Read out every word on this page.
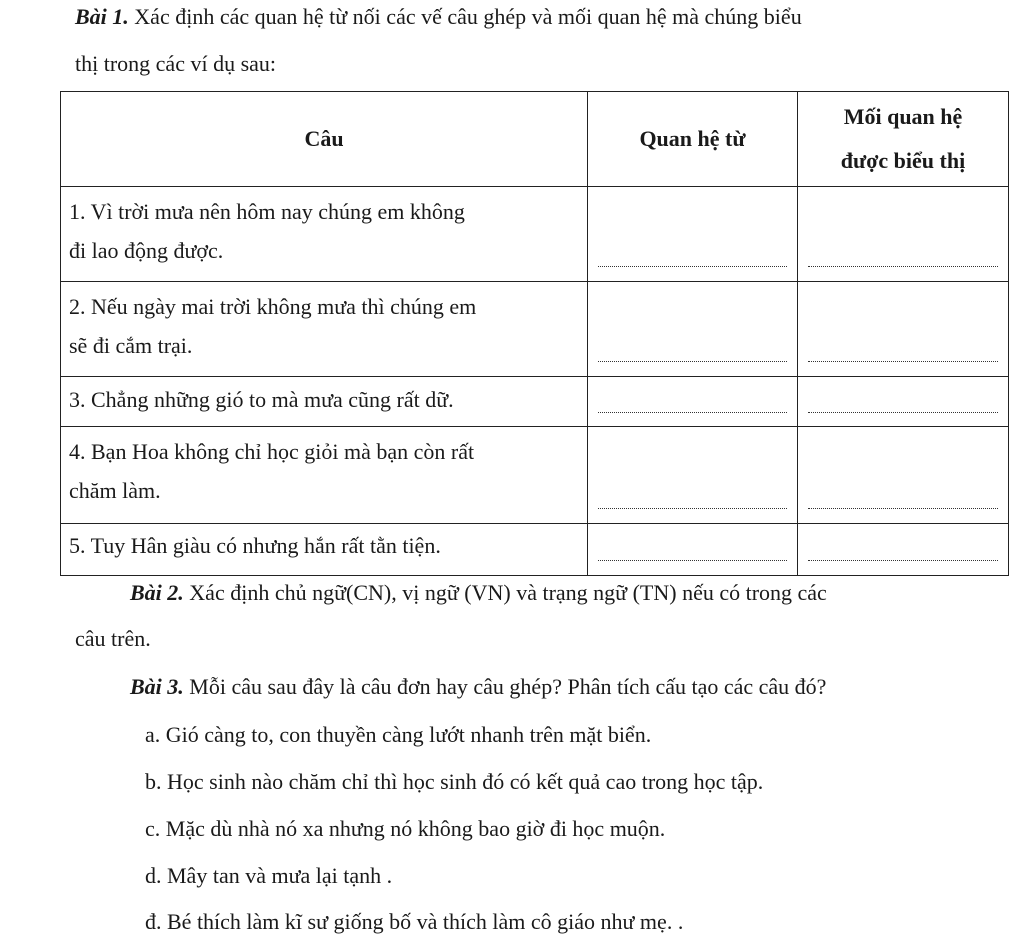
Bài 1. Xác định các quan hệ từ nối các vế câu ghép và mối quan hệ mà chúng biểu
thị trong các ví dụ sau:
Câu	Quan hệ từ	Mối quan hệ
được biểu thị

1. Vì trời mưa nên hôm nay chúng em không
đi lao động được.		

2. Nếu ngày mai trời không mưa thì chúng em
sẽ đi cắm trại.		

3. Chẳng những gió to mà mưa cũng rất dữ.		

4. Bạn Hoa không chỉ học giỏi mà bạn còn rất
chăm làm.		

5. Tuy Hân giàu có nhưng hắn rất tằn tiện.		

Bài 2. Xác định chủ ngữ(CN), vị ngữ (VN) và trạng ngữ (TN) nếu có trong các
câu trên.
Bài 3. Mỗi câu sau đây là câu đơn hay câu ghép? Phân tích cấu tạo các câu đó?
a. Gió càng to, con thuyền càng lướt nhanh trên mặt biển.
b. Học sinh nào chăm chỉ thì học sinh đó có kết quả cao trong học tập.
c. Mặc dù nhà nó xa nhưng nó không bao giờ đi học muộn.
d. Mây tan và mưa lại tạnh .
đ. Bé thích làm kĩ sư giống bố và thích làm cô giáo như mẹ. .
